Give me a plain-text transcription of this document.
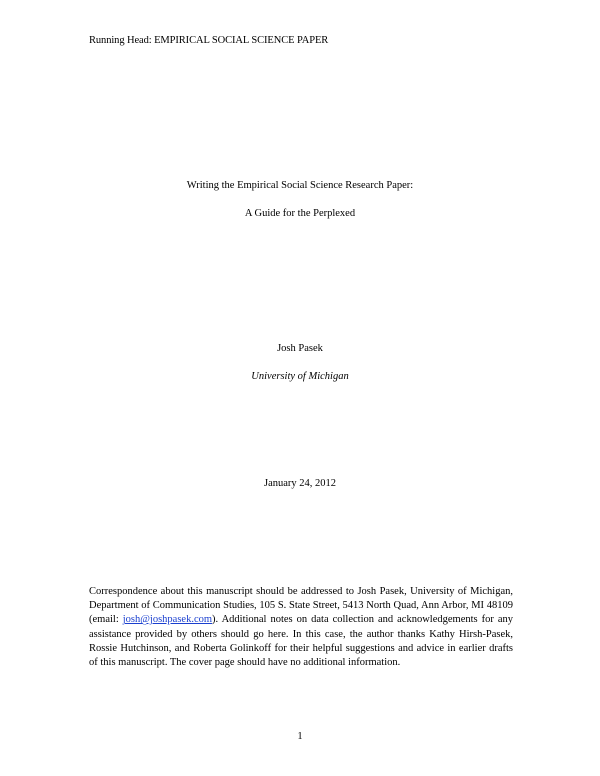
Running Head: EMPIRICAL SOCIAL SCIENCE PAPER
Writing the Empirical Social Science Research Paper:
A Guide for the Perplexed
Josh Pasek
University of Michigan
January 24, 2012
Correspondence about this manuscript should be addressed to Josh Pasek, University of Michigan, Department of Communication Studies, 105 S. State Street, 5413 North Quad, Ann Arbor, MI 48109 (email: josh@joshpasek.com). Additional notes on data collection and acknowledgements for any assistance provided by others should go here. In this case, the author thanks Kathy Hirsh-Pasek, Rossie Hutchinson, and Roberta Golinkoff for their helpful suggestions and advice in earlier drafts of this manuscript. The cover page should have no additional information.
1
